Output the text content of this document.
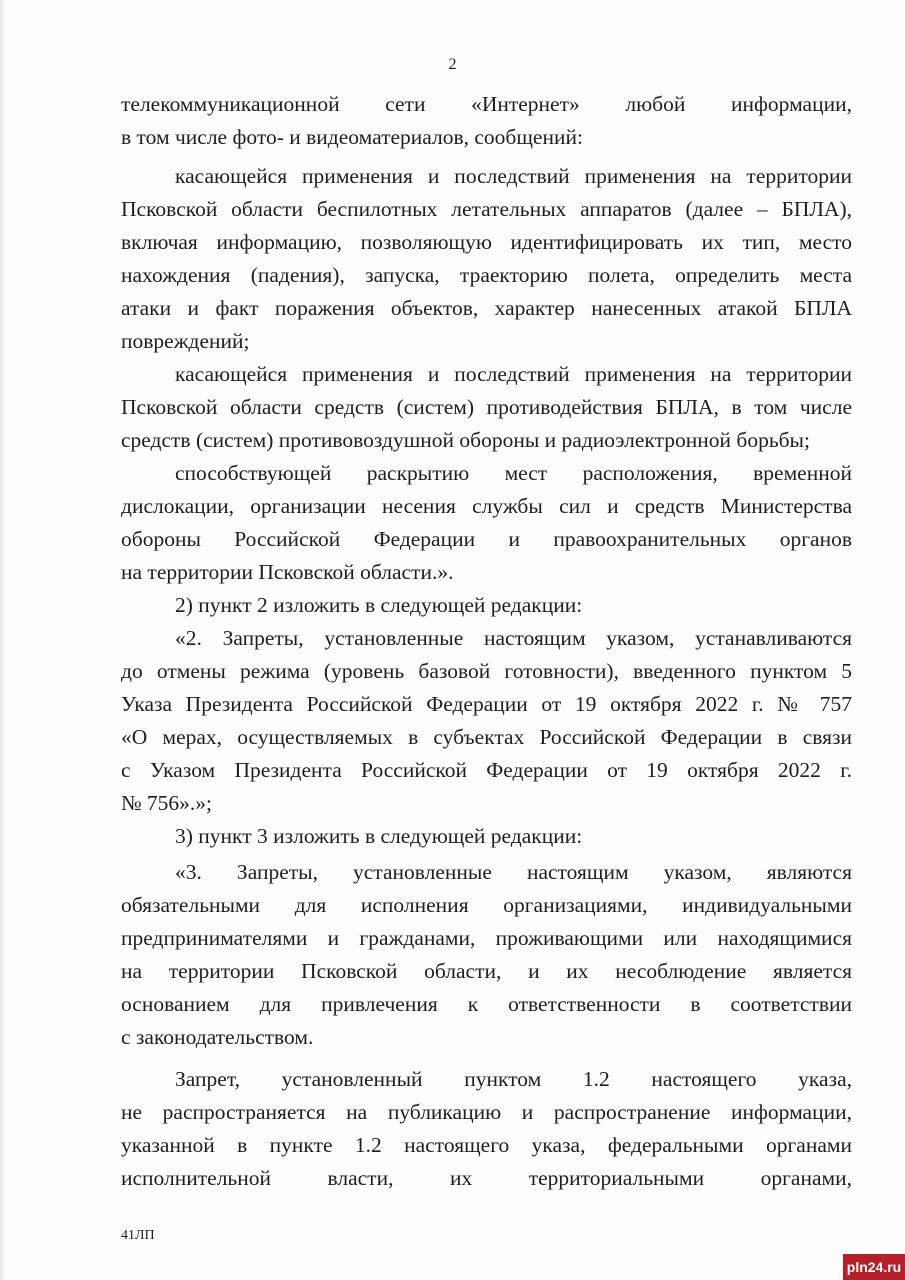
2
телекоммуникационной сети «Интернет» любой информации,
в том числе фото- и видеоматериалов, сообщений:
касающейся применения и последствий применения на территории
Псковской области беспилотных летательных аппаратов (далее – БПЛА),
включая информацию, позволяющую идентифицировать их тип, место
нахождения (падения), запуска, траекторию полета, определить места
атаки и факт поражения объектов, характер нанесенных атакой БПЛА
повреждений;
касающейся применения и последствий применения на территории
Псковской области средств (систем) противодействия БПЛА, в том числе
средств (систем) противовоздушной обороны и радиоэлектронной борьбы;
способствующей раскрытию мест расположения, временной
дислокации, организации несения службы сил и средств Министерства
обороны Российской Федерации и правоохранительных органов
на территории Псковской области.».
2) пункт 2 изложить в следующей редакции:
«2. Запреты, установленные настоящим указом, устанавливаются
до отмены режима (уровень базовой готовности), введенного пунктом 5
Указа Президента Российской Федерации от 19 октября 2022 г. № 757
«О мерах, осуществляемых в субъектах Российской Федерации в связи
с Указом Президента Российской Федерации от 19 октября 2022 г.
№ 756».»;
3) пункт 3 изложить в следующей редакции:
«3. Запреты, установленные настоящим указом, являются
обязательными для исполнения организациями, индивидуальными
предпринимателями и гражданами, проживающими или находящимися
на территории Псковской области, и их несоблюдение является
основанием для привлечения к ответственности в соответствии
с законодательством.
Запрет, установленный пунктом 1.2 настоящего указа,
не распространяется на публикацию и распространение информации,
указанной в пункте 1.2 настоящего указа, федеральными органами
исполнительной власти, их территориальными органами,
41ЛП
pln24.ru
